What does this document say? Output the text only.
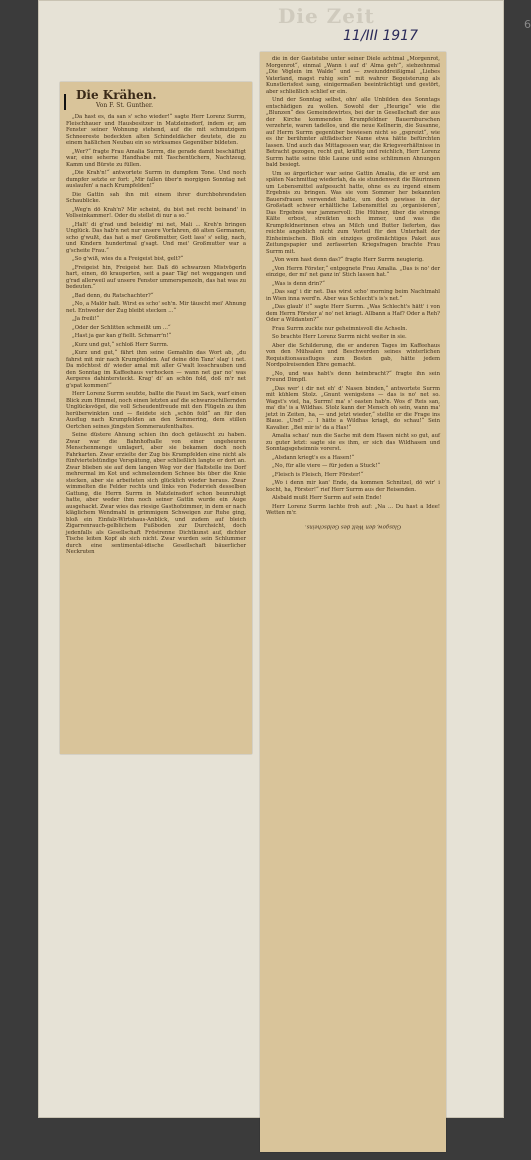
Die Zeit
11/III 1917
6
Die Krähen.
Von F. St. Gunther.

„Da hast es, da san s' scho wieder!“ sagte Herr Lorenz Surrm, Fleischhauer und Hausbesitzer in Matzleinsdorf, indem er, am Fenster seiner Wohnung stehend, auf die mit schmutzigem Schneereste bedeckten alten Schindeldächer deutete, die zu einem haßlichen Neubau ein so wirksames Gegenüber bildeten.

„Wer?“ fragte Frau Amalia Surrm, die gerade damit beschäftigt war, eine seherne Handhabe mit Taschentüchern, Nachtzeug, Kamm und Bürste zu füllen.

„Die Krah'n!“ antwortete Surrm in dumpfem Tone. Und noch dumpfer setzte er fort: „Mir fallen über'n morgigen Sonntag net auslaufen' a nach Krumpfelden!“

Die Gattin sah ihn mit einem ihrer durchbohrendsten Schaublicke.

„Weg'n dö Krah'n? Mir scheint, du bist net recht beinand' in Vollseinkammer!. Oder du stellst di nur a so.“

„Halt' di g'rad und beleidig' mi net, Mali ... Kreh'n bringen Unglück. Das hab'n net nur unsere Vorfahren, dö alten Germanen, scho g'wußt, das hat a mei' Großmutter, Gott lass' s' selig, nach, und Kindern hundertmal g'sagt. Und mei' Großmutter war a g'scheite Frau.“

„So g'wiß, wies du a Freigeist bist, gelt?“

„Freigeist hin, Freigeist her. Daß dö schwarzen Mistvögerln hart, einen, dö krauperten, seit a paar Täg' net weggangen und g'rad allerweil auf unsere Fenster ummerspenzeln, das hat was zu bedeuten.“

„Bad denn, du Ratschachter?“

„No, a Malör halt. Wirst es scho' seh'n. Mir täuscht mei' Ahnung net. Entweder der Zug bleibt stecken ...“

„Ja freili!“

„Oder der Schlitten schmeißt um ...“

„Hast ja gar kan g'fiellt. Schmarr'n!“

„Kurz und gut,“ schloß Herr Surrm.

„Kurz und gut,“ fährt ihm seine Gemahlin das Wort ab, „du fahrst mit mir nach Krumpfelden. Auf deine dön Tanz' slag' i net. Da möchtest di' wieder amal mit aller G'walt losschrauben und den Sonntag im Kaffeehaus verhocken — wann net gar no' was Aergeres dahintersteckt. Krag' di' an schön fold, doß m'r net g'spat kommen!“

Herr Lorenz Surrm seufzte, ballte die Faust im Sack, warf einen Blick zum Himmel, noch einen letzten auf die schwarzschillernden Unglücksvögel, die voll Scheudentfreude mit den Flügeln zu ihm herüberwinkten und — fleidete sich „schön fold“ an für den Ausflug nach Krumpfelden an den Semmering, dem stillen Oertchen seines jüngsten Sommeraufenthaltes.

Seine düstere Ahnung schien ihn doch getäuscht zu haben. Zwar war die Bahnhofhalle von einer ungeheuren Menschenmenge umlagert, aber sie bekamen doch noch Fahrkarten. Zwar erzielte der Zug bis Krumpfelden eine nicht als fünfviertelstündige Verspätung, aber schließlich langte er dort an. Zwar blieben sie auf dem langen Weg vor der Haltstelle ins Dorf mehrermal im Kot und schmelzendem Schnee bis über die Knie stecken, aber sie arbeiteten sich glücklich wieder heraus. Zwar wimmelten die Felder rechts und links von Federvieh desselben Gattung, die Herrn Surrm in Matzleinsdorf schon beunruhigt hatte, aber weder ihm noch seiner Gattin wurde ein Auge ausgehackt. Zwar wies das riesige Gasthofzimmer, in dem er nach kläglichem Wendmahl in grimmigem Schweigen zur Ruhe ging, bloß ein Einfalz-Wirtshaus-Anblick, und zudem auf bleich Zigarrenrauch-gelblichem Fußboden zur Durchsicht, doch jedenfalls als Gesellschaft Fröstrenne Dichtkunst auf, dichter Tische leiten Kopf ab sich nicht. Zwar wurden sein Schlummer durch eine sentimental-idische Gesellschaft bäuerlicher Neckruten

die in der Gaststube unter seiner Diele achtmal „Morgenrot, Morgenrot“, einmal „Wann i auf d' Alma geh'“, siebzehnmal „Die Vöglein im Walde“ und — zweiunddreißigmal „Liebes Vaterland, magst ruhig sein“ mit wahrer Begeisterung als Kunstlerisfest sang, einigermaßen beeinträchtigt und gestört, aber schließlich schlief er ein.

Und der Sonntag selbst, ohn' alle Unbilden des Sonntags entschädigen zu wollen. Sowohl der „Heurige“ wie die „Blunzen“ des Gemeindewirtes, bei der in Gesellschaft der aus der Kirche kommenden Krumpfeldner Bauernburschen verzehrte, waren tadellos, und die neue Kellnerin, die Susanne, auf Herrn Surrm gegenüber bewiesen nicht so „gspreizt“, wie es ihr berühmter altfädischer Name etwa hätte befürchten lassen. Und auch das Mittagessen war, die Kriegsverhältnisse in Betracht gezogen, recht gut, kräftig und reichlich, Herr Lorenz Surrm hatte seine üble Laune und seine schlimmen Ahnungen bald besiegt.

Um so ärgerlicher war seine Gattin Amalia, die er erst am späten Nachmittag wiederlah, da sie stundenweit die Bäurinnen um Lebensmittel aufgesucht hatte, ohne es zu irgend einem Ergebnis zu bringen. Was sie vom Sommer her bekannten Bauersfrauen verwendet hatte, um doch gewisse in der Großstadt schwer erhältliche Lebensmittel zu ‚organisieren‘, Das Ergebnis war jammervoll: Die Hühner, über die strenge Kälte erbost, streikten noch immer, und was die Krumpfeldnerinnen etwa an Milch und Butter lieferten, das reichte angeblich nicht zum Vorteil für den Unterhalt der Einheimischen. Bloß ein einziges großmächtiges Paket aus Zeitungspapier und zerfaserten Kriegsfragen brachte Frau Surrm mit.

„Von wem hast denn das?“ fragte Herr Surrm neugierig.

„Von Herrn Förster,“ entgegnete Frau Amalia. „Das is no' der einzige, der mi' net ganz in' Stich lassen hat.“

„Was is denn drin?“

„Das sag' i dir net. Das wirst scho' morning beim Nachtmahl in Wien inna werd'n. Aber was Schlecht's is's net.“

„Das glaub' i!“ sagte Herr Surrm. „Was Schlecht's hätt' i von dem Herrn Förster a' no' net kriagt. Allbann a Haf? Oder a Reh? Oder a Wildanten?“

Frau Surrm zuckte nur geheimnisvoll die Achseln.

So brachte Herr Lorenz Surrm nicht weiter in sie.

Aber die Schilderung, die er anderen Tages im Kaffeehaus von den Mühsalen und Beschwerden seines winterlichen Requisitionsausfluges zum Besten gab, hätte jedem Nordpolreisenden Ehre gemacht.

„No, und was habt's denn heimbracht?“ fragte ihn sein Freund Dimpfl.

„Das wer' i dir net eh' d' Nasen binden,“ antwortete Surrm mit kühlem Stolz. „Gnunt wenigstens — das is no' net so. Wagst's viel, ha, Surrm! ma' s' oasten hab'n. Wos d' Reis san, ma' dis' is a Wildhas. Stolz kann der Mensch oh sein, wann ma' jetzt in Zeiten, ha, — und jetzt wieder,“ stellte er die Frage ins Blaue. „Und? ... I hätte a Wildhas kriagt, do schau!“ Sein Kavalier. „Bei mir is' da a Has!“

Amalia schau' nun die Sache mit dem Hasen nicht so gut, auf zu guter letzt: sagte sie es ihm, er sich das Wildhasen und Sonntagsgeheimnis vorerst.

„Alsdann kriegt's es a Hasen!“

„No, für alle viere — für jeden a Stuck!“

„Fleisch is Fleisch, Herr Förster!“

„Wo i denn mir kan' Ende, da kommen Schnitzel, dö wir' i kocht, ha, Förster!“ rief Herr Surrm aus der Reisenden.

Alsbald mußt Herr Surrm auf sein Ende!

Herr Lorenz Surrm lachte froh auf: „Na ... Du hast a Idee! Wetten m'r.

Glasgow, den Welt des Geldscheins.
